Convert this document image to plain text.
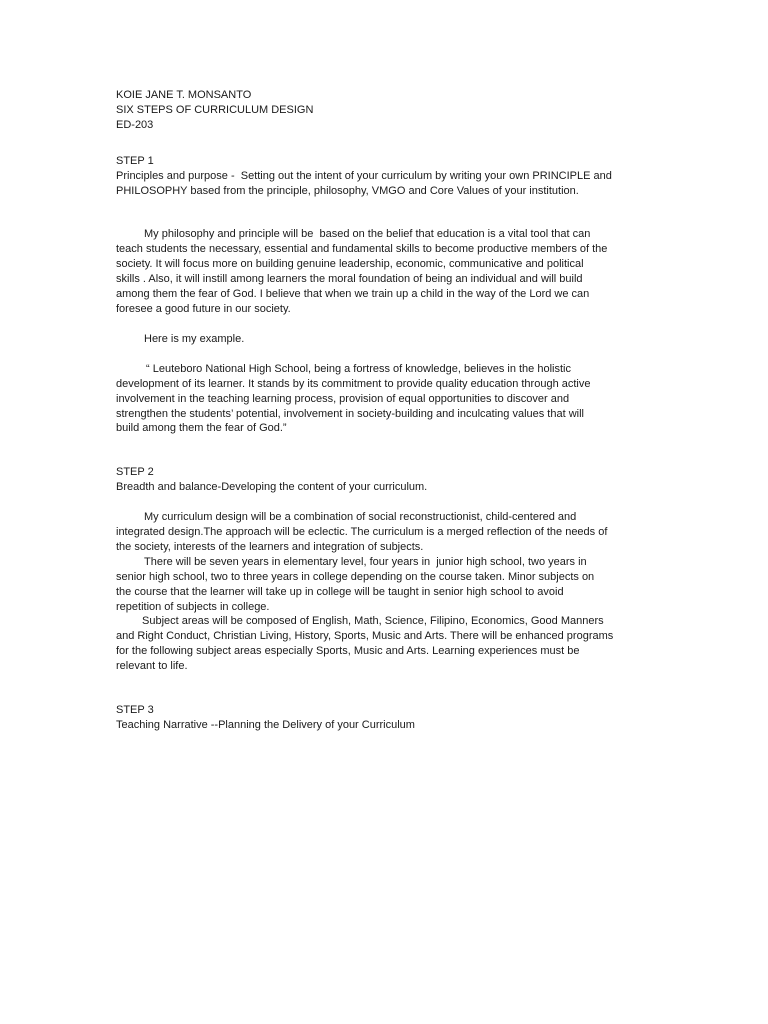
KOIE JANE T. MONSANTO
SIX STEPS OF CURRICULUM DESIGN
ED-203
STEP 1
Principles and purpose -  Setting out the intent of your curriculum by writing your own PRINCIPLE and
PHILOSOPHY based from the principle, philosophy, VMGO and Core Values of your institution.
My philosophy and principle will be  based on the belief that education is a vital tool that can
teach students the necessary, essential and fundamental skills to become productive members of the
society. It will focus more on building genuine leadership, economic, communicative and political
skills . Also, it will instill among learners the moral foundation of being an individual and will build
among them the fear of God. I believe that when we train up a child in the way of the Lord we can
foresee a good future in our society.
Here is my example.
“ Leuteboro National High School, being a fortress of knowledge, believes in the holistic
development of its learner. It stands by its commitment to provide quality education through active
involvement in the teaching learning process, provision of equal opportunities to discover and
strengthen the students’ potential, involvement in society-building and inculcating values that will
build among them the fear of God.”
STEP 2
Breadth and balance-Developing the content of your curriculum.
My curriculum design will be a combination of social reconstructionist, child-centered and
integrated design.The approach will be eclectic. The curriculum is a merged reflection of the needs of
the society, interests of the learners and integration of subjects.
There will be seven years in elementary level, four years in  junior high school, two years in
senior high school, two to three years in college depending on the course taken. Minor subjects on
the course that the learner will take up in college will be taught in senior high school to avoid
repetition of subjects in college.
Subject areas will be composed of English, Math, Science, Filipino, Economics, Good Manners
and Right Conduct, Christian Living, History, Sports, Music and Arts. There will be enhanced programs
for the following subject areas especially Sports, Music and Arts. Learning experiences must be
relevant to life.
STEP 3
Teaching Narrative --Planning the Delivery of your Curriculum
